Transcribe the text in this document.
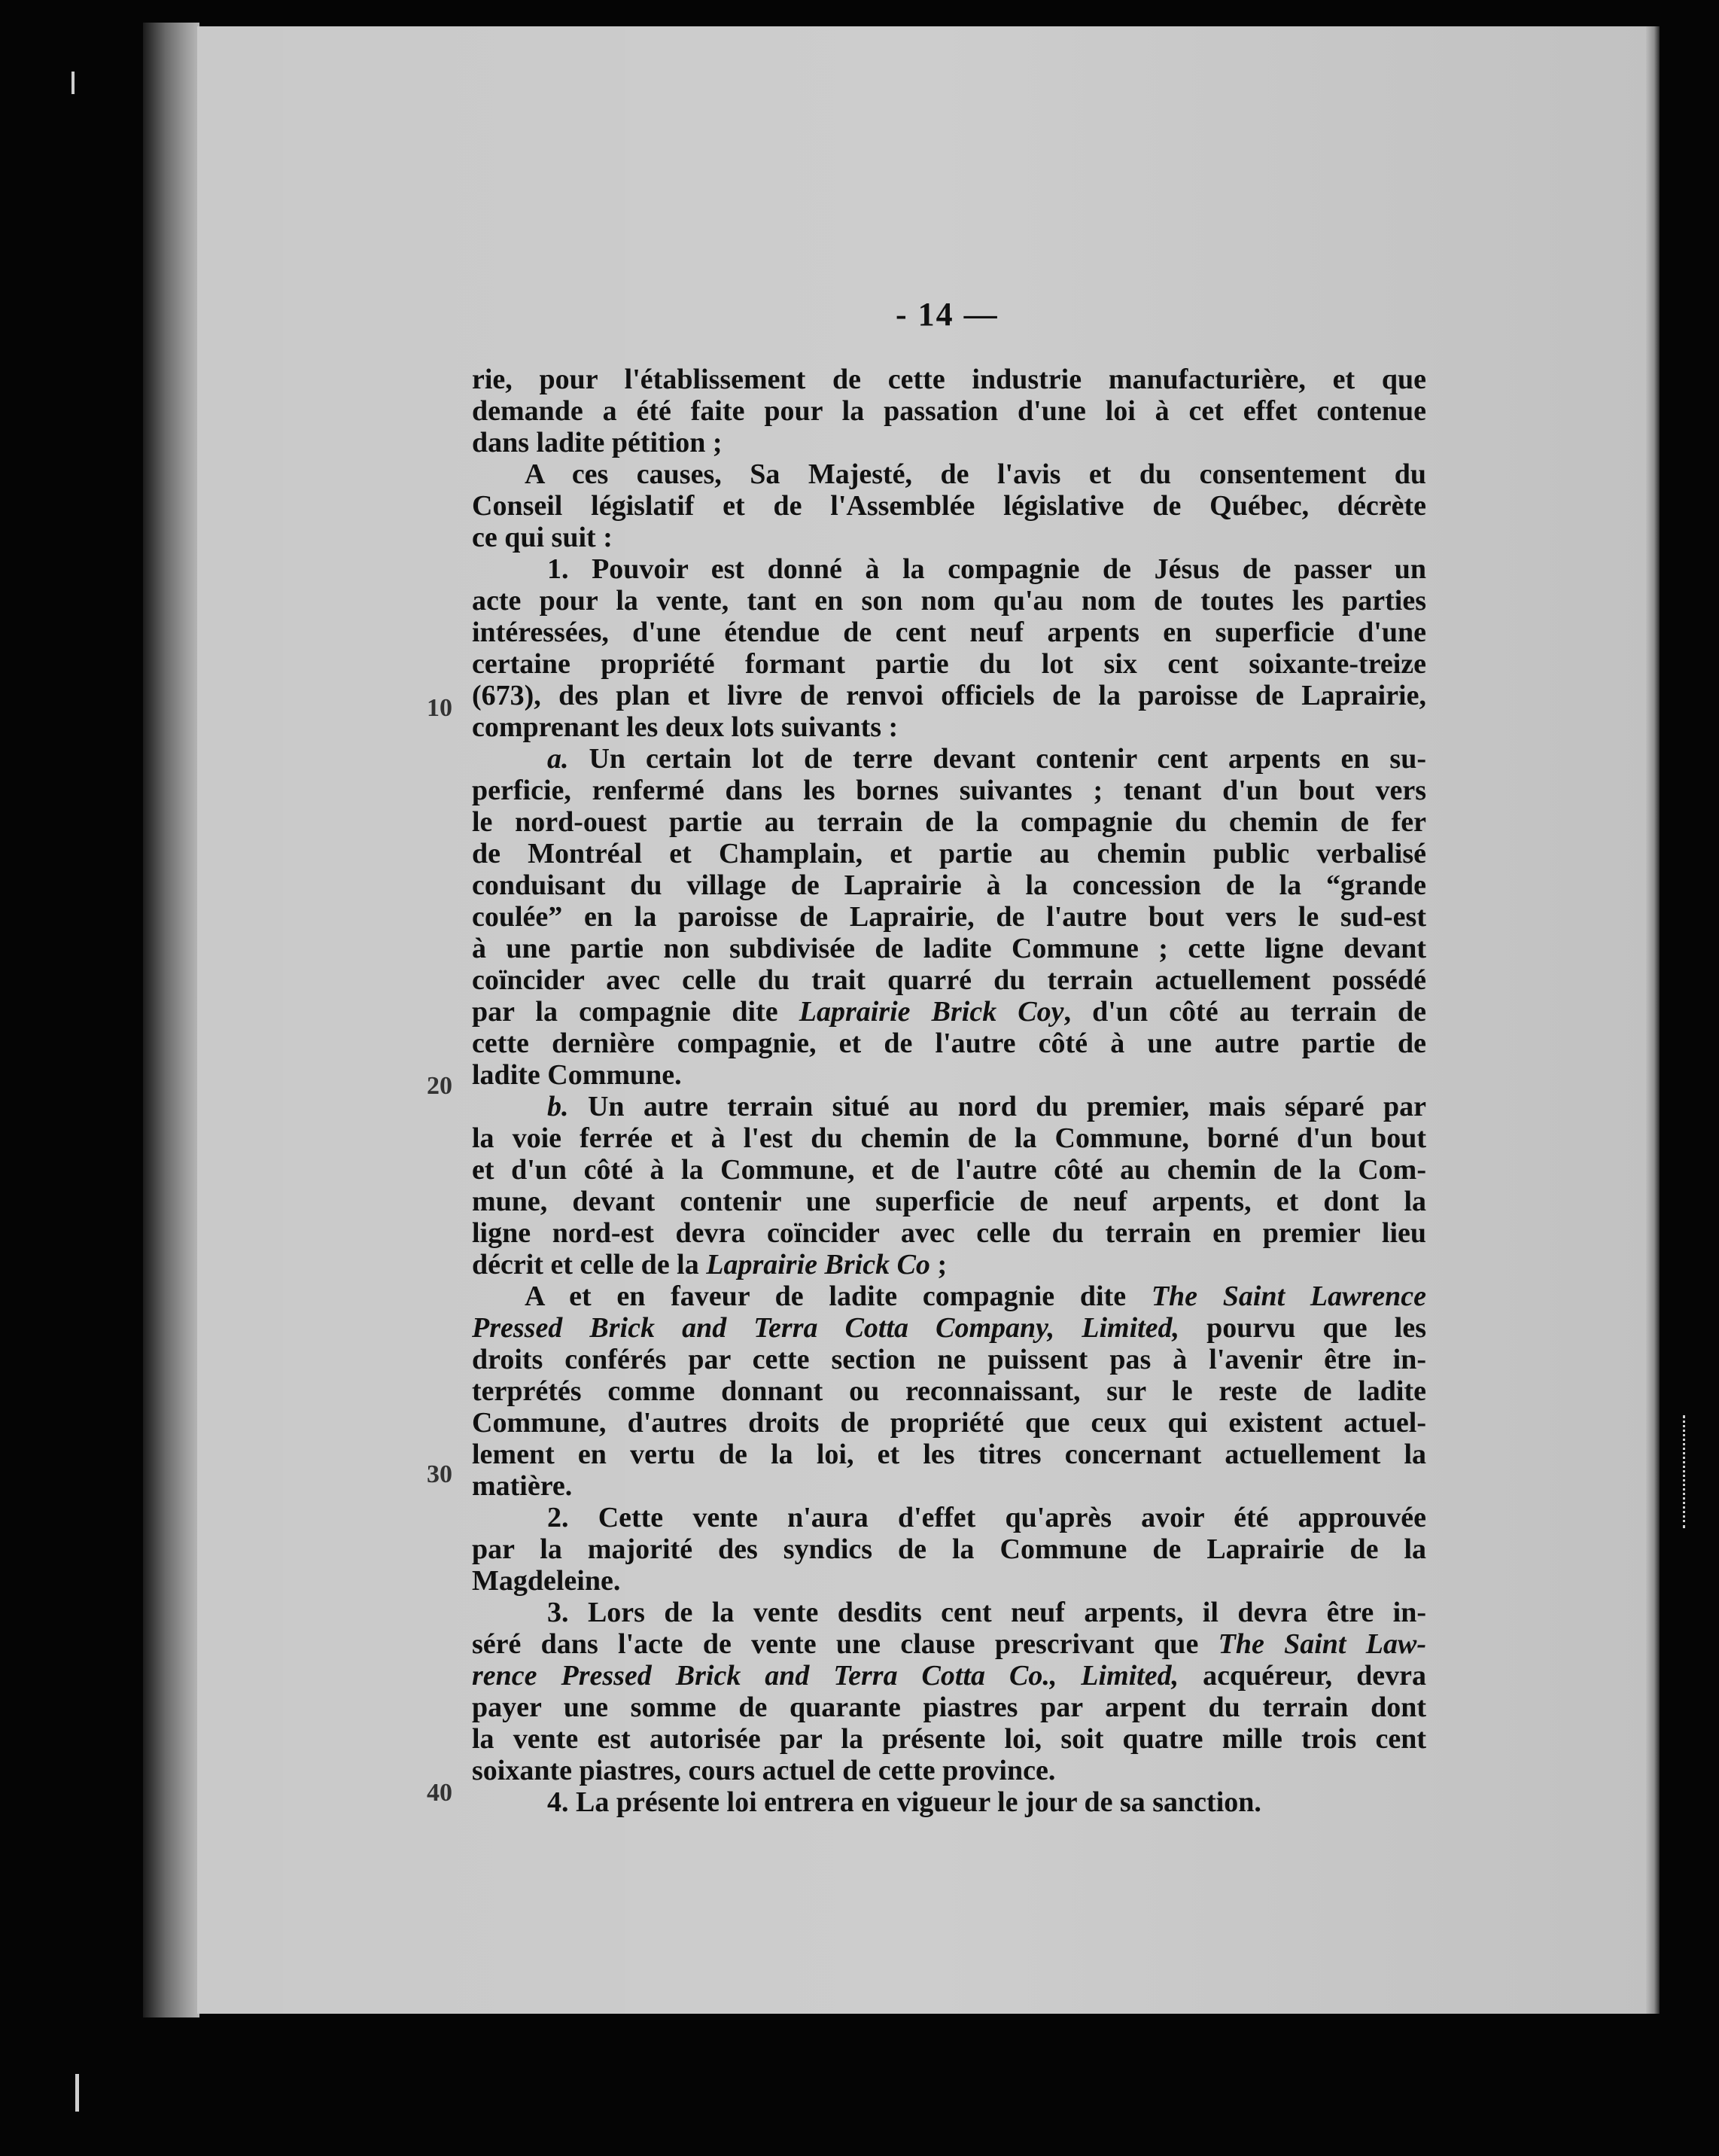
- 14 —
10
20
30
40
rie, pour l'établissement de cette industrie manufacturière, et que
demande a été faite pour la passation d'une loi à cet effet contenue
dans ladite pétition ;
A ces causes, Sa Majesté, de l'avis et du consentement du
Conseil législatif et de l'Assemblée législative de Québec, décrète
ce qui suit :
1. Pouvoir est donné à la compagnie de Jésus de passer un
acte pour la vente, tant en son nom qu'au nom de toutes les parties
intéressées, d'une étendue de cent neuf arpents en superficie d'une
certaine propriété formant partie du lot six cent soixante-treize
(673), des plan et livre de renvoi officiels de la paroisse de Laprairie,
comprenant les deux lots suivants :
a. Un certain lot de terre devant contenir cent arpents en su-
perficie, renfermé dans les bornes suivantes ; tenant d'un bout vers
le nord-ouest partie au terrain de la compagnie du chemin de fer
de Montréal et Champlain, et partie au chemin public verbalisé
conduisant du village de Laprairie à la concession de la “grande
coulée” en la paroisse de Laprairie, de l'autre bout vers le sud-est
à une partie non subdivisée de ladite Commune ; cette ligne devant
coïncider avec celle du trait quarré du terrain actuellement possédé
par la compagnie dite Laprairie Brick Coy, d'un côté au terrain de
cette dernière compagnie, et de l'autre côté à une autre partie de
ladite Commune.
b. Un autre terrain situé au nord du premier, mais séparé par
la voie ferrée et à l'est du chemin de la Commune, borné d'un bout
et d'un côté à la Commune, et de l'autre côté au chemin de la Com-
mune, devant contenir une superficie de neuf arpents, et dont la
ligne nord-est devra coïncider avec celle du terrain en premier lieu
décrit et celle de la Laprairie Brick Co ;
A et en faveur de ladite compagnie dite The Saint Lawrence
Pressed Brick and Terra Cotta Company, Limited, pourvu que les
droits conférés par cette section ne puissent pas à l'avenir être in-
terprétés comme donnant ou reconnaissant, sur le reste de ladite
Commune, d'autres droits de propriété que ceux qui existent actuel-
lement en vertu de la loi, et les titres concernant actuellement la
matière.
2. Cette vente n'aura d'effet qu'après avoir été approuvée
par la majorité des syndics de la Commune de Laprairie de la
Magdeleine.
3. Lors de la vente desdits cent neuf arpents, il devra être in-
séré dans l'acte de vente une clause prescrivant que The Saint Law-
rence Pressed Brick and Terra Cotta Co., Limited, acquéreur, devra
payer une somme de quarante piastres par arpent du terrain dont
la vente est autorisée par la présente loi, soit quatre mille trois cent
soixante piastres, cours actuel de cette province.
4. La présente loi entrera en vigueur le jour de sa sanction.
